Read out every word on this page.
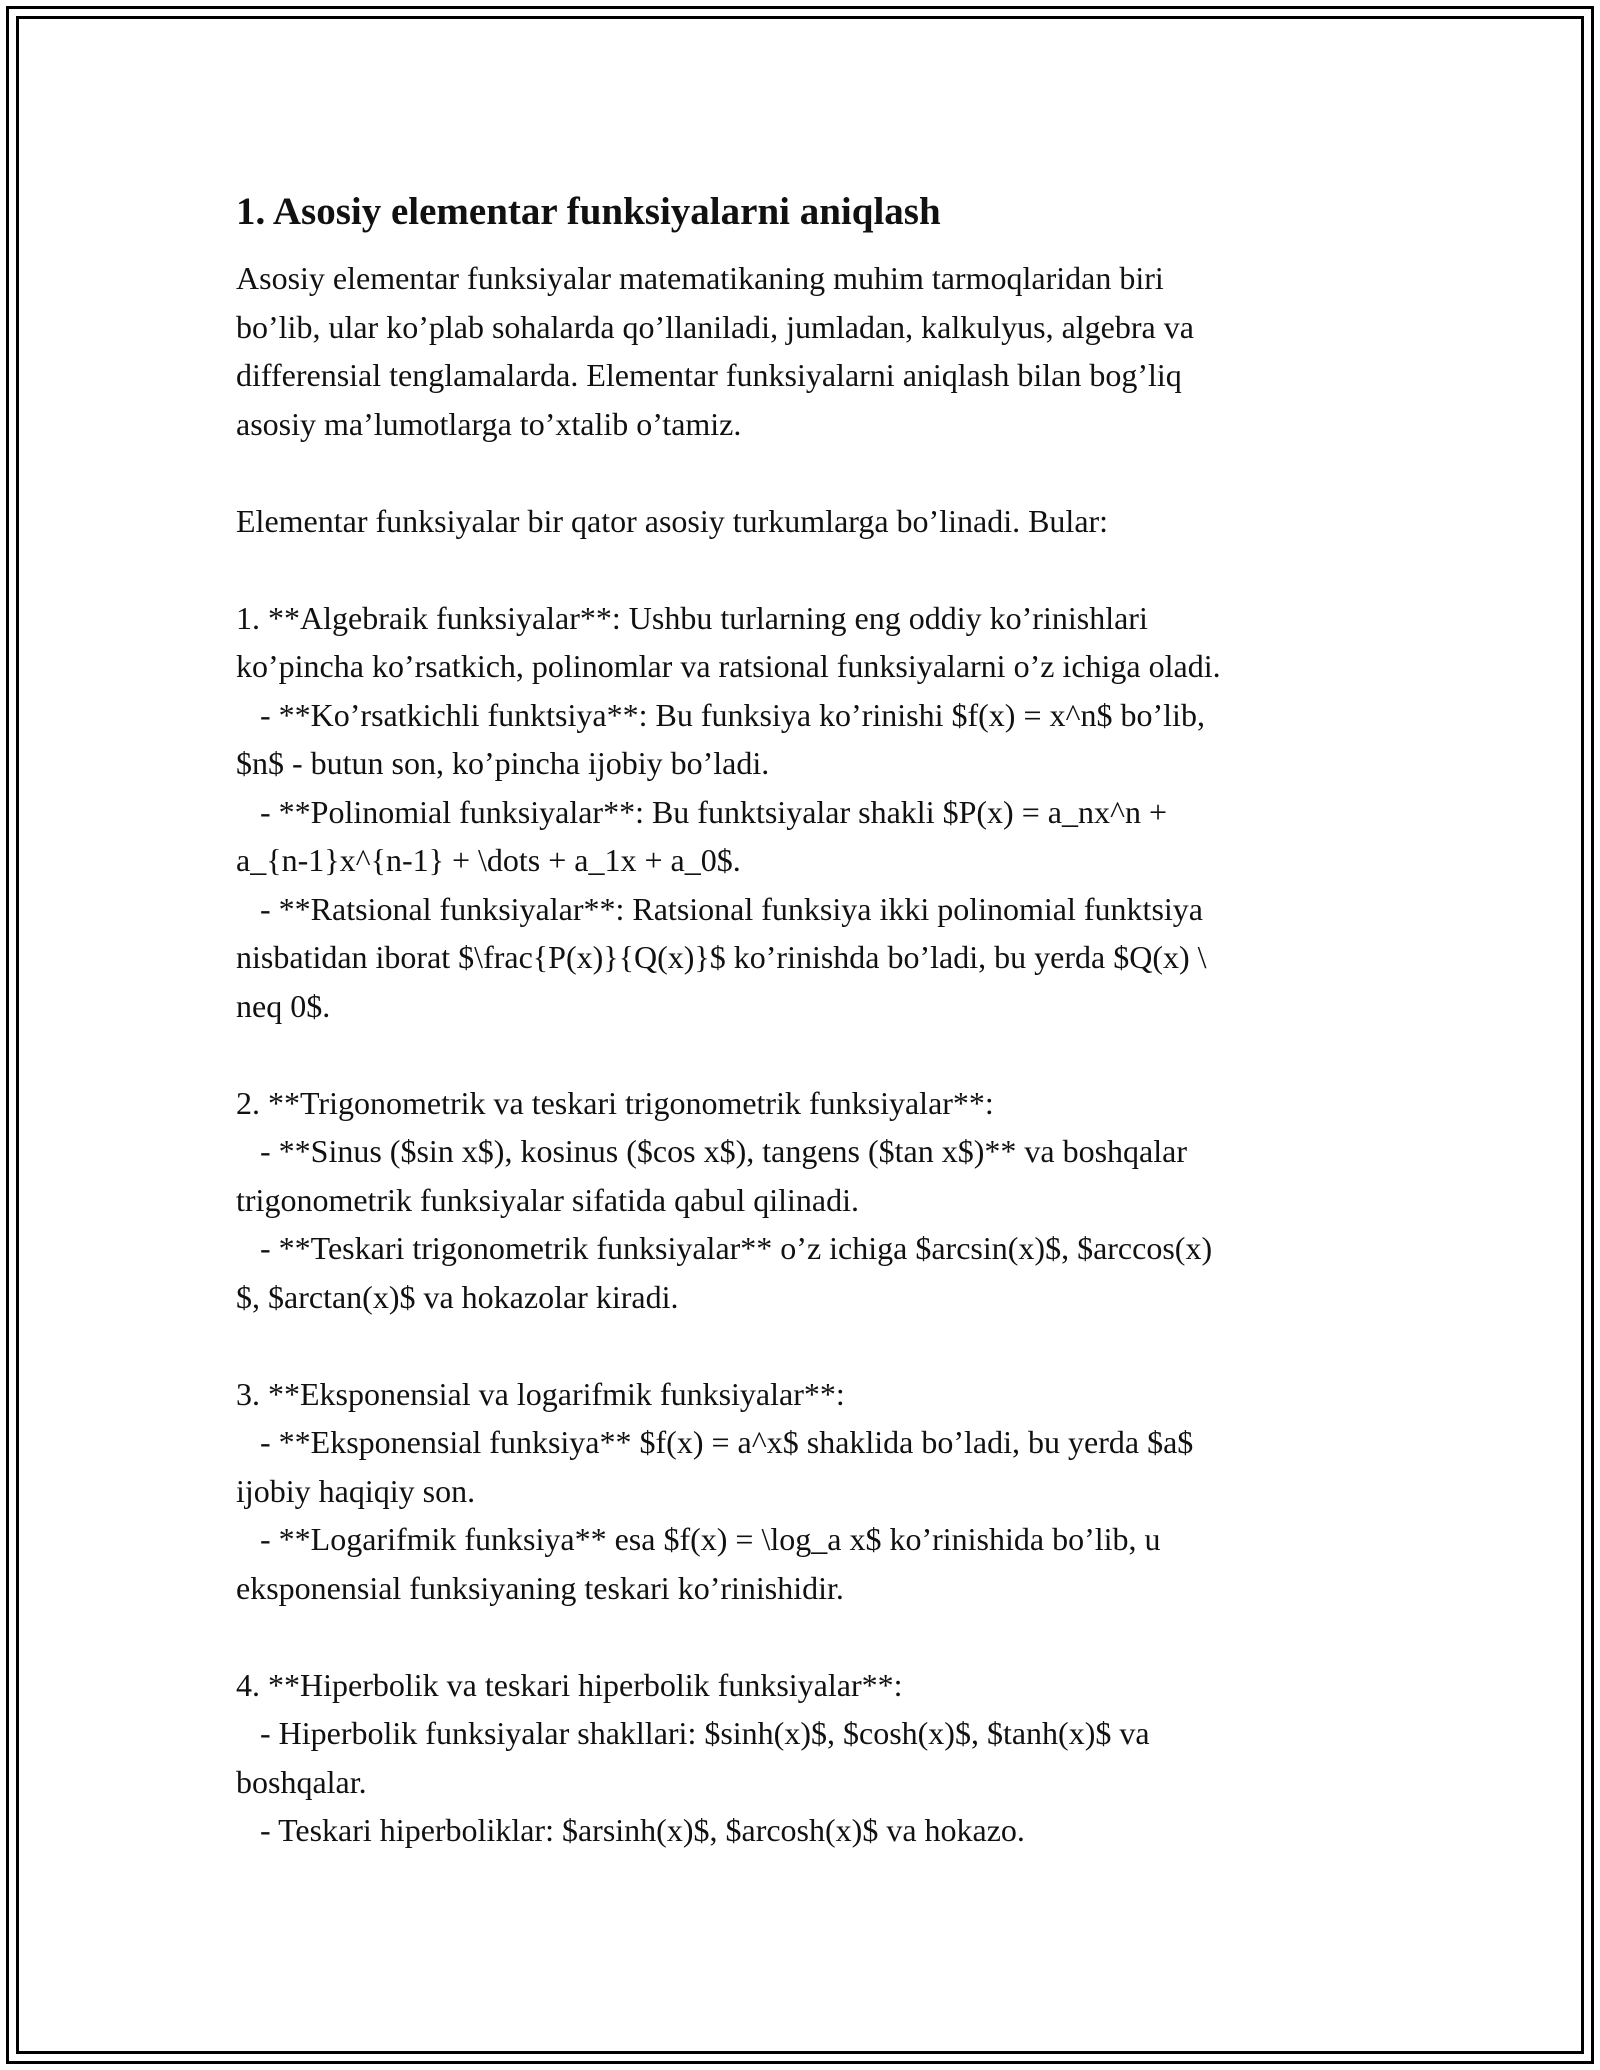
1. Asosiy elementar funksiyalarni aniqlash
Asosiy elementar funksiyalar matematikaning muhim tarmoqlaridan biri
bo’lib, ular ko’plab sohalarda qo’llaniladi, jumladan, kalkulyus, algebra va
differensial tenglamalarda. Elementar funksiyalarni aniqlash bilan bog’liq
asosiy ma’lumotlarga to’xtalib o’tamiz.
Elementar funksiyalar bir qator asosiy turkumlarga bo’linadi. Bular:
1. **Algebraik funksiyalar**: Ushbu turlarning eng oddiy ko’rinishlari
ko’pincha ko’rsatkich, polinomlar va ratsional funksiyalarni o’z ichiga oladi.
- **Ko’rsatkichli funktsiya**: Bu funksiya ko’rinishi $f(x) = x^n$ bo’lib,
$n$ - butun son, ko’pincha ijobiy bo’ladi.
- **Polinomial funksiyalar**: Bu funktsiyalar shakli $P(x) = a_nx^n +
a_{n-1}x^{n-1} + \dots + a_1x + a_0$.
- **Ratsional funksiyalar**: Ratsional funksiya ikki polinomial funktsiya
nisbatidan iborat $\frac{P(x)}{Q(x)}$ ko’rinishda bo’ladi, bu yerda $Q(x) \
neq 0$.
2. **Trigonometrik va teskari trigonometrik funksiyalar**:
- **Sinus ($sin x$), kosinus ($cos x$), tangens ($tan x$)** va boshqalar
trigonometrik funksiyalar sifatida qabul qilinadi.
- **Teskari trigonometrik funksiyalar** o’z ichiga $arcsin(x)$, $arccos(x)
$, $arctan(x)$ va hokazolar kiradi.
3. **Eksponensial va logarifmik funksiyalar**:
- **Eksponensial funksiya** $f(x) = a^x$ shaklida bo’ladi, bu yerda $a$
ijobiy haqiqiy son.
- **Logarifmik funksiya** esa $f(x) = \log_a x$ ko’rinishida bo’lib, u
eksponensial funksiyaning teskari ko’rinishidir.
4. **Hiperbolik va teskari hiperbolik funksiyalar**:
- Hiperbolik funksiyalar shakllari: $sinh(x)$, $cosh(x)$, $tanh(x)$ va
boshqalar.
- Teskari hiperboliklar: $arsinh(x)$, $arcosh(x)$ va hokazo.
